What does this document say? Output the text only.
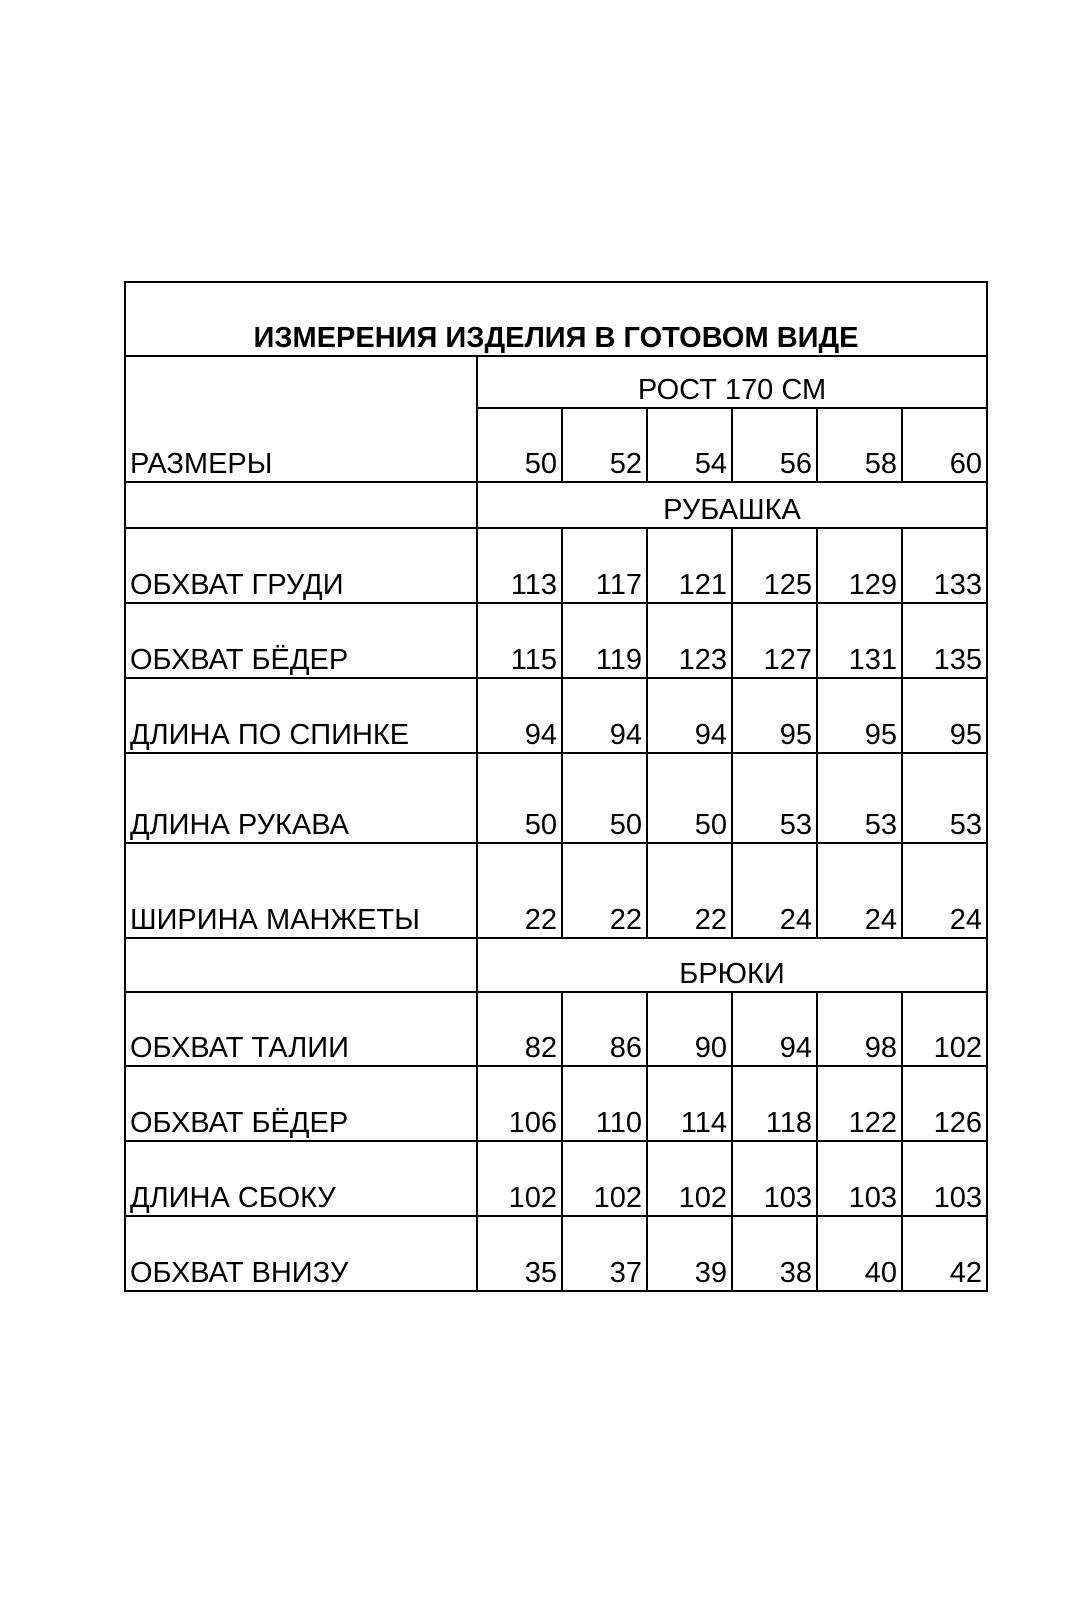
ИЗМЕРЕНИЯ ИЗДЕЛИЯ В ГОТОВОМ ВИДЕ						
РАЗМЕРЫ	РОСТ 170 СМ					
	50	52	54	56	58	60
	РУБАШКА					
ОБХВАТ ГРУДИ	113	117	121	125	129	133
ОБХВАТ БЁДЕР	115	119	123	127	131	135
ДЛИНА ПО СПИНКЕ	94	94	94	95	95	95
ДЛИНА РУКАВА	50	50	50	53	53	53
ШИРИНА МАНЖЕТЫ	22	22	22	24	24	24
	БРЮКИ					
ОБХВАТ ТАЛИИ	82	86	90	94	98	102
ОБХВАТ БЁДЕР	106	110	114	118	122	126
ДЛИНА СБОКУ	102	102	102	103	103	103
ОБХВАТ ВНИЗУ	35	37	39	38	40	42
